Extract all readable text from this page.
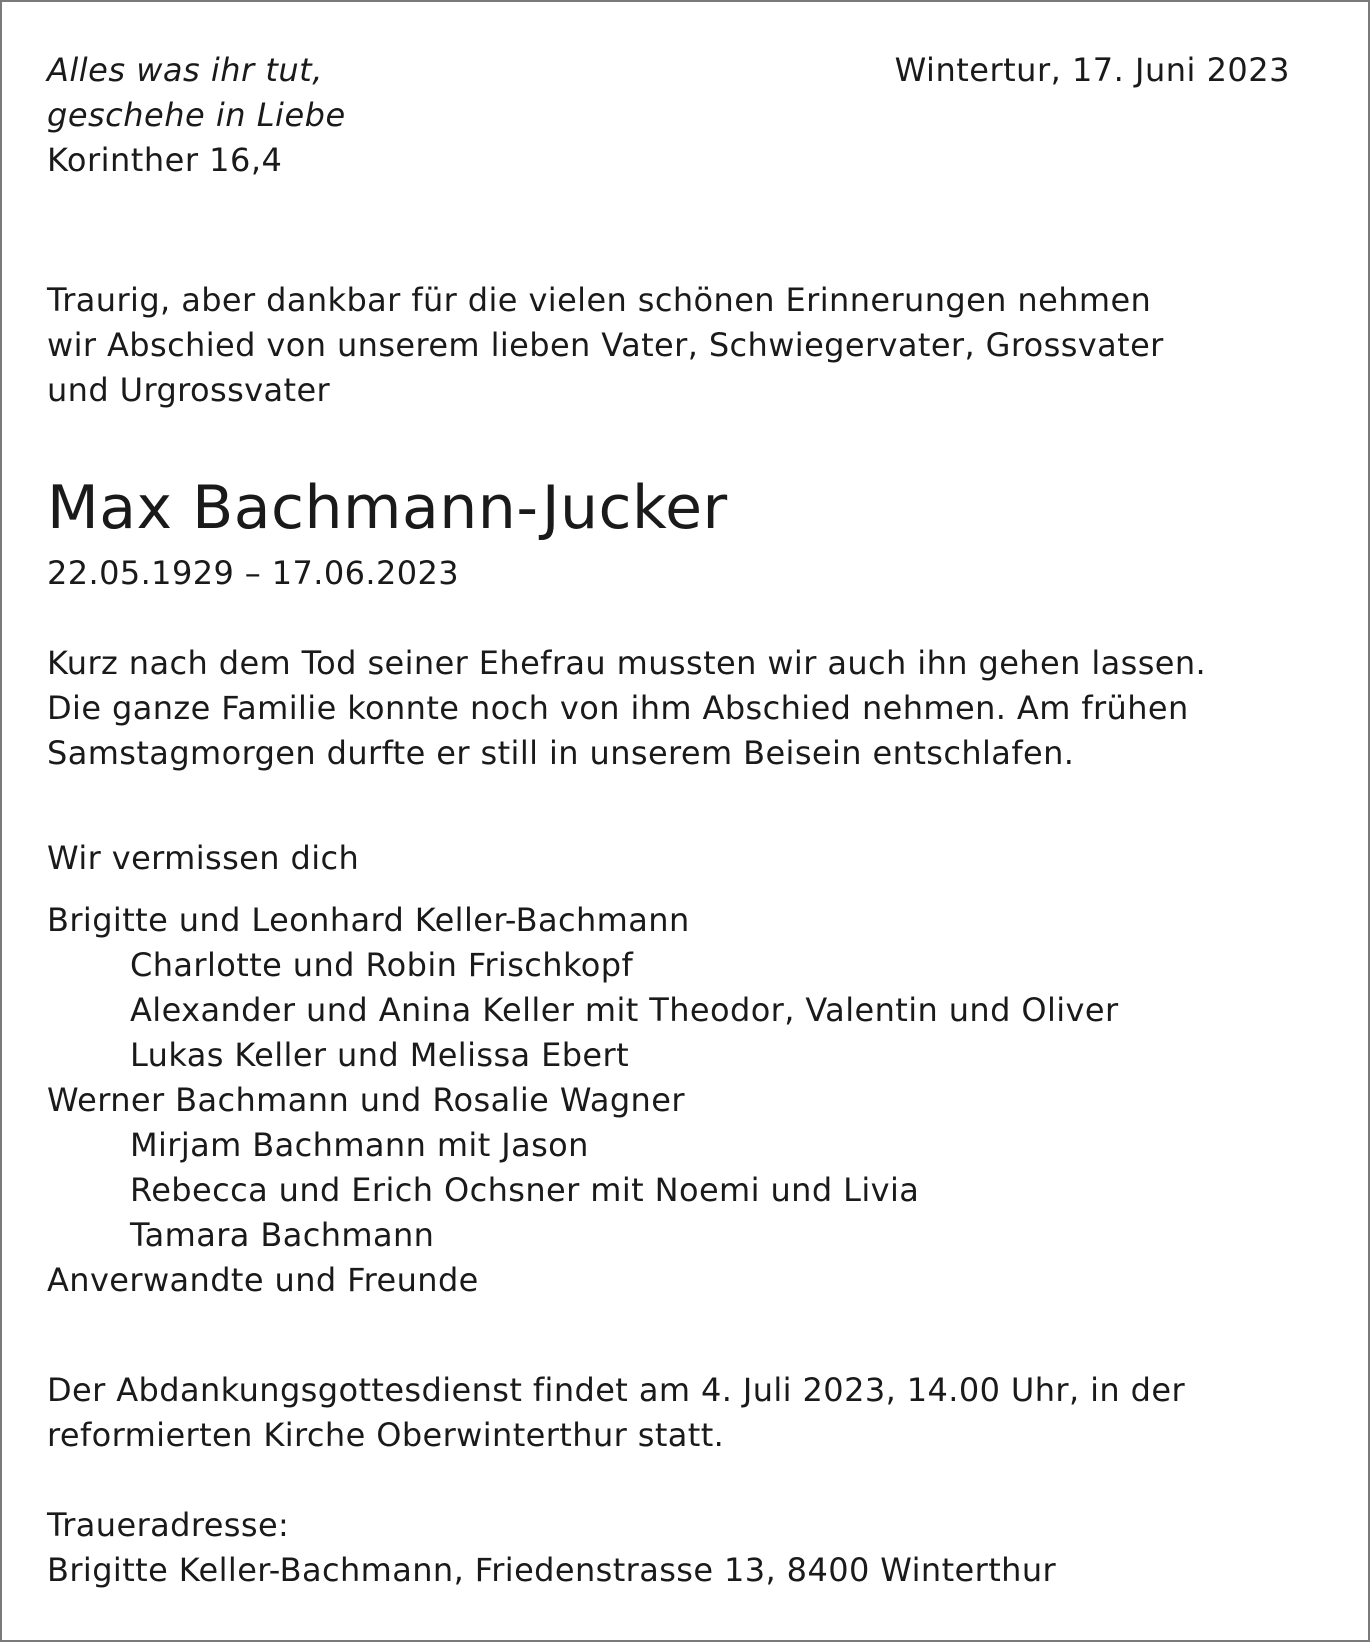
Alles was ihr tut,
geschehe in Liebe
Korinther 16,4
Wintertur, 17. Juni 2023
Traurig, aber dankbar für die vielen schönen Erinnerungen nehmen
wir Abschied von unserem lieben Vater, Schwiegervater, Grossvater
und Urgrossvater
Max Bachmann-Jucker
22.05.1929 – 17.06.2023
Kurz nach dem Tod seiner Ehefrau mussten wir auch ihn gehen lassen.
Die ganze Familie konnte noch von ihm Abschied nehmen. Am frühen
Samstagmorgen durfte er still in unserem Beisein entschlafen.
Wir vermissen dich
Brigitte und Leonhard Keller-Bachmann
Charlotte und Robin Frischkopf
Alexander und Anina Keller mit Theodor, Valentin und Oliver
Lukas Keller und Melissa Ebert
Werner Bachmann und Rosalie Wagner
Mirjam Bachmann mit Jason
Rebecca und Erich Ochsner mit Noemi und Livia
Tamara Bachmann
Anverwandte und Freunde
Der Abdankungsgottesdienst findet am 4. Juli 2023, 14.00 Uhr, in der
reformierten Kirche Oberwinterthur statt.
Traueradresse:
Brigitte Keller-Bachmann, Friedenstrasse 13, 8400 Winterthur
